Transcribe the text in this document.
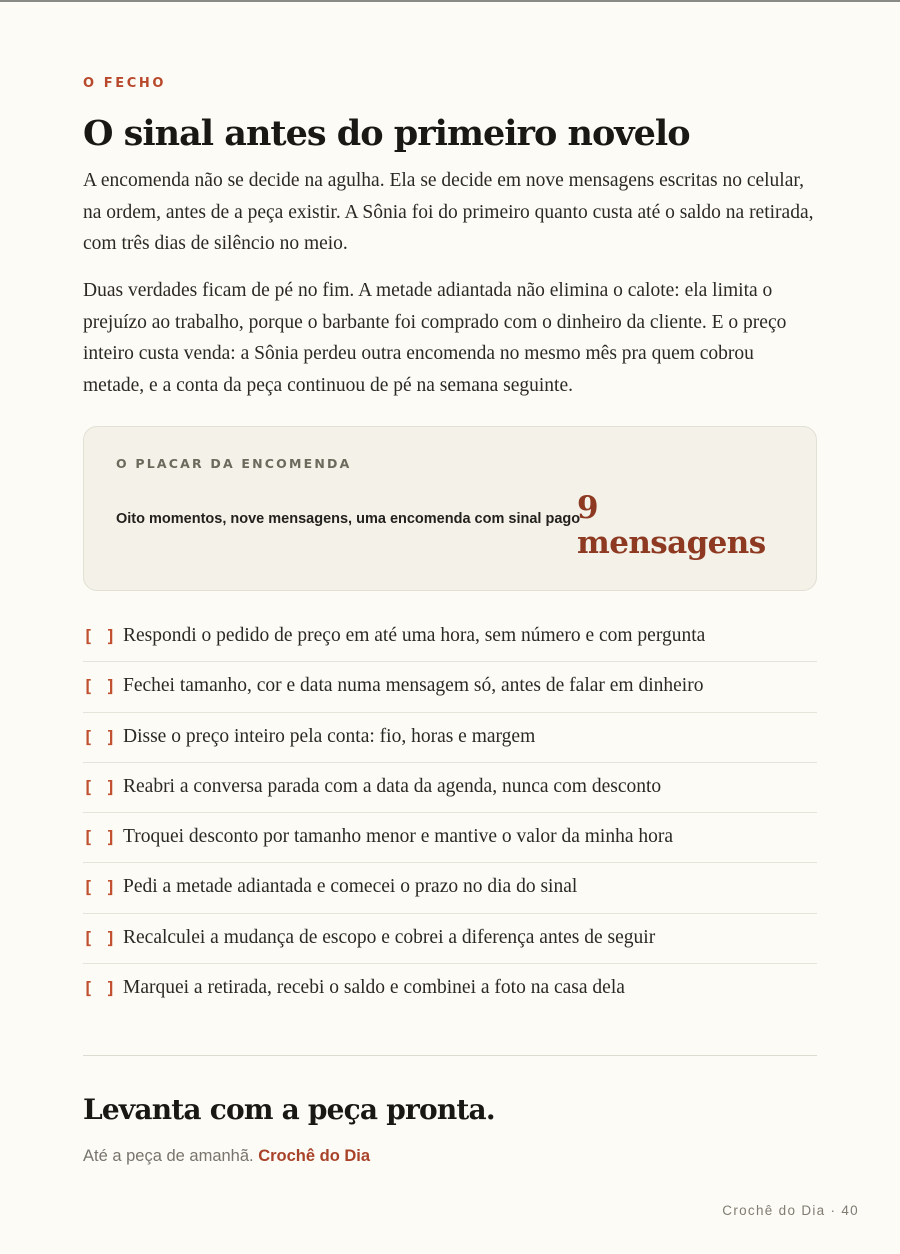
O FECHO

O sinal antes do primeiro novelo

A encomenda não se decide na agulha. Ela se decide em nove mensagens escritas no celular, na ordem, antes de a peça existir. A Sônia foi do primeiro quanto custa até o saldo na retirada, com três dias de silêncio no meio.

Duas verdades ficam de pé no fim. A metade adiantada não elimina o calote: ela limita o prejuízo ao trabalho, porque o barbante foi comprado com o dinheiro da cliente. E o preço inteiro custa venda: a Sônia perdeu outra encomenda no mesmo mês pra quem cobrou metade, e a conta da peça continuou de pé na semana seguinte.

O PLACAR DA ENCOMENDA

Oito momentos, nove mensagens, uma encomenda com sinal pago

9
mensagens

[ ] Respondi o pedido de preço em até uma hora, sem número e com pergunta
[ ] Fechei tamanho, cor e data numa mensagem só, antes de falar em dinheiro
[ ] Disse o preço inteiro pela conta: fio, horas e margem
[ ] Reabri a conversa parada com a data da agenda, nunca com desconto
[ ] Troquei desconto por tamanho menor e mantive o valor da minha hora
[ ] Pedi a metade adiantada e comecei o prazo no dia do sinal
[ ] Recalculei a mudança de escopo e cobrei a diferença antes de seguir
[ ] Marquei a retirada, recebi o saldo e combinei a foto na casa dela
Levanta com a peça pronta.

Até a peça de amanhã. Crochê do Dia

Crochê do Dia · 40
